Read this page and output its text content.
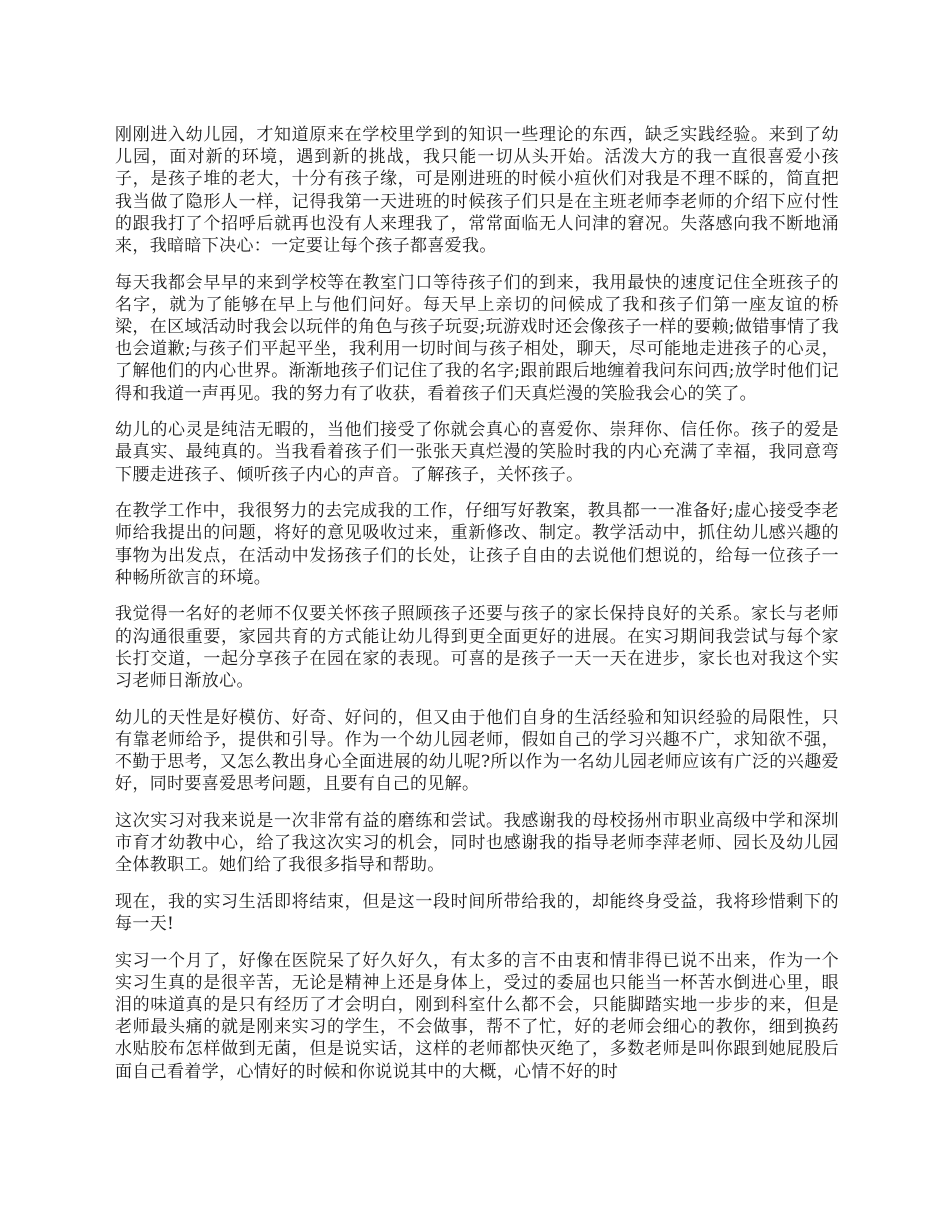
刚刚进入幼儿园，才知道原来在学校里学到的知识一些理论的东西，缺乏实践经验。来到了幼儿园，面对新的环境，遇到新的挑战，我只能一切从头开始。活泼大方的我一直很喜爱小孩子，是孩子堆的老大，十分有孩子缘，可是刚进班的时候小疸伙们对我是不理不睬的，简直把我当做了隐形人一样，记得我第一天进班的时候孩子们只是在主班老师李老师的介绍下应付性的跟我打了个招呼后就再也没有人来理我了，常常面临无人问津的窘况。失落感向我不断地涌来，我暗暗下决心：一定要让每个孩子都喜爱我。

每天我都会早早的来到学校等在教室门口等待孩子们的到来，我用最快的速度记住全班孩子的名字，就为了能够在早上与他们问好。每天早上亲切的问候成了我和孩子们第一座友谊的桥梁，在区域活动时我会以玩伴的角色与孩子玩耍;玩游戏时还会像孩子一样的要赖;做错事情了我也会道歉;与孩子们平起平坐，我利用一切时间与孩子相处，聊天，尽可能地走进孩子的心灵，了解他们的内心世界。渐渐地孩子们记住了我的名字;跟前跟后地缠着我问东问西;放学时他们记得和我道一声再见。我的努力有了收获，看着孩子们天真烂漫的笑脸我会心的笑了。

幼儿的心灵是纯洁无暇的，当他们接受了你就会真心的喜爱你、崇拜你、信任你。孩子的爱是最真实、最纯真的。当我看着孩子们一张张天真烂漫的笑脸时我的内心充满了幸福，我同意弯下腰走进孩子、倾听孩子内心的声音。了解孩子，关怀孩子。

在教学工作中，我很努力的去完成我的工作，仔细写好教案，教具都一一准备好;虚心接受李老师给我提出的问题，将好的意见吸收过来，重新修改、制定。教学活动中，抓住幼儿感兴趣的事物为出发点，在活动中发扬孩子们的长处，让孩子自由的去说他们想说的，给每一位孩子一种畅所欲言的环境。

我觉得一名好的老师不仅要关怀孩子照顾孩子还要与孩子的家长保持良好的关系。家长与老师的沟通很重要，家园共育的方式能让幼儿得到更全面更好的进展。在实习期间我尝试与每个家长打交道，一起分享孩子在园在家的表现。可喜的是孩子一天一天在进步，家长也对我这个实习老师日渐放心。

幼儿的天性是好模仿、好奇、好问的，但又由于他们自身的生活经验和知识经验的局限性，只有靠老师给予，提供和引导。作为一个幼儿园老师，假如自己的学习兴趣不广，求知欲不强，不勤于思考，又怎么教出身心全面进展的幼儿呢?所以作为一名幼儿园老师应该有广泛的兴趣爱好，同时要喜爱思考问题，且要有自己的见解。

这次实习对我来说是一次非常有益的磨练和尝试。我感谢我的母校扬州市职业高级中学和深圳市育才幼教中心，给了我这次实习的机会，同时也感谢我的指导老师李萍老师、园长及幼儿园全体教职工。她们给了我很多指导和帮助。

现在，我的实习生活即将结束，但是这一段时间所带给我的，却能终身受益，我将珍惜剩下的每一天!

实习一个月了，好像在医院呆了好久好久，有太多的言不由衷和情非得已说不出来，作为一个实习生真的是很辛苦，无论是精神上还是身体上，受过的委屈也只能当一杯苦水倒进心里，眼泪的味道真的是只有经历了才会明白，刚到科室什么都不会，只能脚踏实地一步步的来，但是老师最头痛的就是刚来实习的学生，不会做事，帮不了忙，好的老师会细心的教你，细到换药水贴胶布怎样做到无菌，但是说实话，这样的老师都快灭绝了，多数老师是叫你跟到她屁股后面自己看着学，心情好的时候和你说说其中的大概，心情不好的时
